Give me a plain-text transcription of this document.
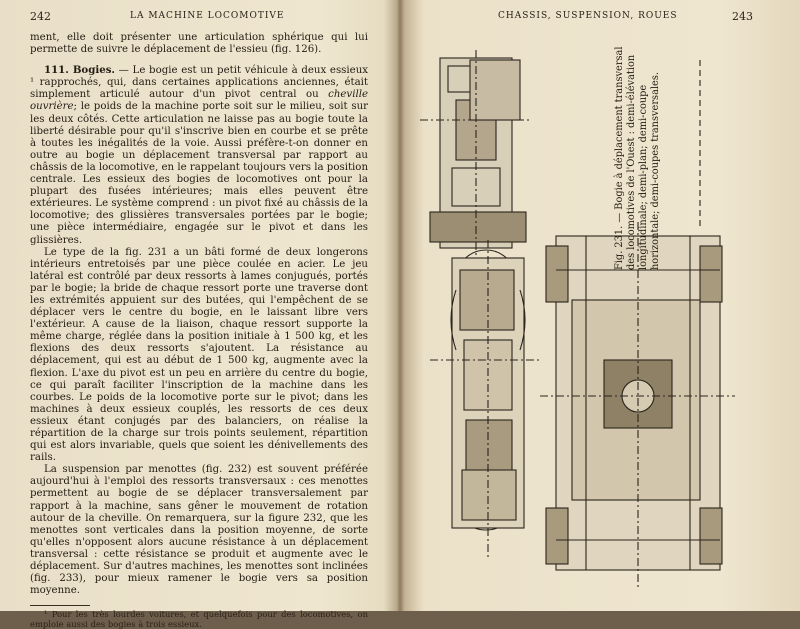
242	LA MACHINE LOCOMOTIVE

ment, elle doit présenter une articulation sphérique qui lui permette de suivre le déplacement de l'essieu (fig. 126).

111. Bogies. — Le bogie est un petit véhicule à deux essieux ¹ rapprochés, qui, dans certaines applications anciennes, était simplement articulé autour d'un pivot central ou cheville ouvrière; le poids de la machine porte soit sur le milieu, soit sur les deux côtés. Cette articulation ne laisse pas au bogie toute la liberté désirable pour qu'il s'inscrive bien en courbe et se prête à toutes les inégalités de la voie. Aussi préfère-t-on donner en outre au bogie un déplacement transversal par rapport au châssis de la locomotive, en le rappelant toujours vers la position centrale. Les essieux des bogies de locomotives ont pour la plupart des fusées intérieures; mais elles peuvent être extérieures. Le système comprend : un pivot fixé au châssis de la locomotive; des glissières transversales portées par le bogie; une pièce intermédiaire, engagée sur le pivot et dans les glissières.

Le type de la fig. 231 a un bâti formé de deux longerons intérieurs entretoisés par une pièce coulée en acier. Le jeu latéral est contrôlé par deux ressorts à lames conjugués, portés par le bogie; la bride de chaque ressort porte une traverse dont les extrémités appuient sur des butées, qui l'empêchent de se déplacer vers le centre du bogie, en le laissant libre vers l'extérieur. A cause de la liaison, chaque ressort supporte la même charge, réglée dans la position initiale à 1 500 kg, et les flexions des deux ressorts s'ajoutent. La résistance au déplacement, qui est au début de 1 500 kg, augmente avec la flexion. L'axe du pivot est un peu en arrière du centre du bogie, ce qui paraît faciliter l'inscription de la machine dans les courbes. Le poids de la locomotive porte sur le pivot; dans les machines à deux essieux couplés, les ressorts de ces deux essieux étant conjugés par des balanciers, on réalise la répartition de la charge sur trois points seulement, répartition qui est alors invariable, quels que soient les dénivellements des rails.

La suspension par menottes (fig. 232) est souvent préférée aujourd'hui à l'emploi des ressorts transversaux : ces menottes permettent au bogie de se déplacer transversalement par rapport à la machine, sans gêner le mouvement de rotation autour de la cheville. On remarquera, sur la figure 232, que les menottes sont verticales dans la position moyenne, de sorte qu'elles n'opposent alors aucune résistance à un déplacement transversal : cette résistance se produit et augmente avec le déplacement. Sur d'autres machines, les menottes sont inclinées (fig. 233), pour mieux ramener le bogie vers sa position moyenne.

¹ Pour les très lourdes voitures, et quelquefois pour des locomotives, on emploie aussi des bogies à trois essieux.

CHASSIS, SUSPENSION, ROUES	243
Fig. 231. — Bogie à déplacement transversal des locomotives de l'Ouest : demi-élévation longitudinale; demi-plan; demi-coupe horizontale; demi-coupes transversales.
